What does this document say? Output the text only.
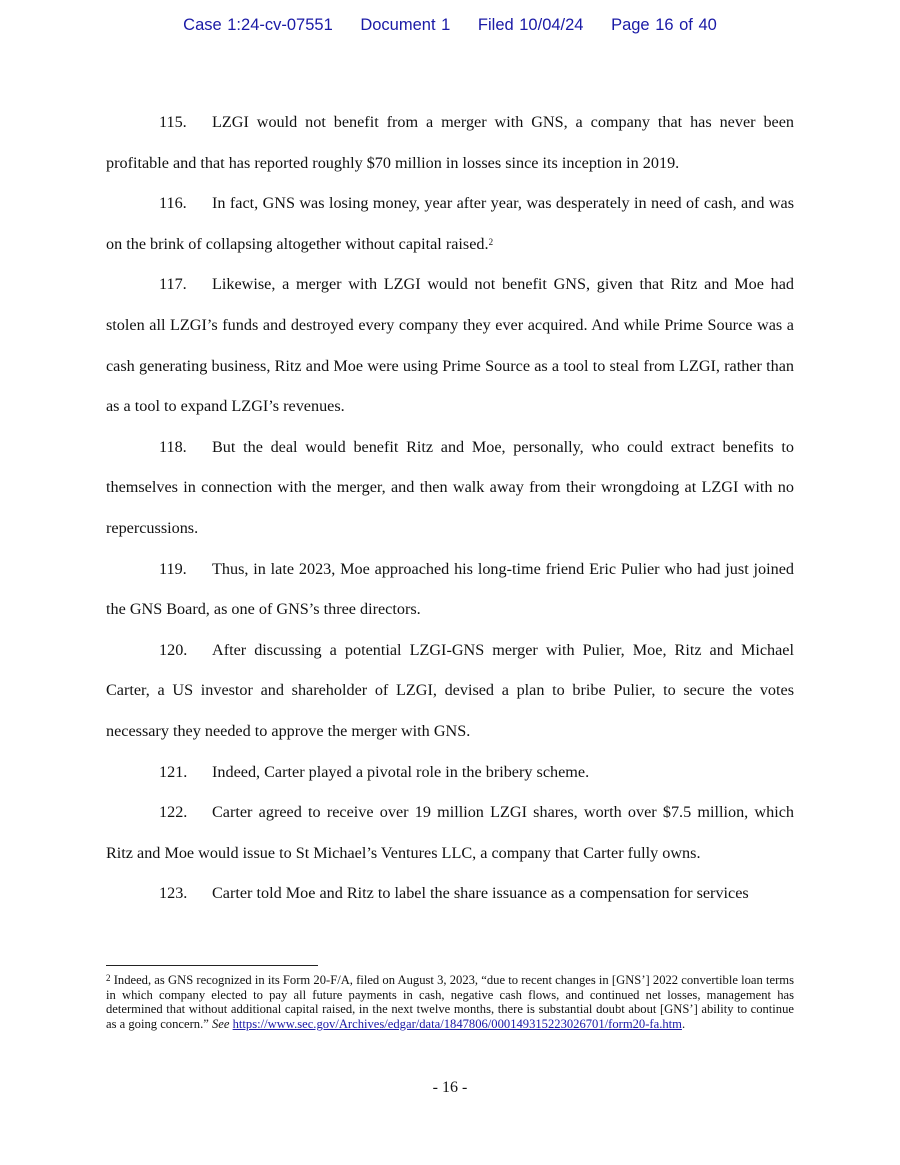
Case 1:24-cv-07551 Document 1 Filed 10/04/24 Page 16 of 40

115. LZGI would not benefit from a merger with GNS, a company that has never been profitable and that has reported roughly $70 million in losses since its inception in 2019.

116. In fact, GNS was losing money, year after year, was desperately in need of cash, and was on the brink of collapsing altogether without capital raised.$^2$

117. Likewise, a merger with LZGI would not benefit GNS, given that Ritz and Moe had stolen all LZGI’s funds and destroyed every company they ever acquired. And while Prime Source was a cash generating business, Ritz and Moe were using Prime Source as a tool to steal from LZGI, rather than as a tool to expand LZGI’s revenues.

118. But the deal would benefit Ritz and Moe, personally, who could extract benefits to themselves in connection with the merger, and then walk away from their wrongdoing at LZGI with no repercussions.

119. Thus, in late 2023, Moe approached his long-time friend Eric Pulier who had just joined the GNS Board, as one of GNS’s three directors.

120. After discussing a potential LZGI-GNS merger with Pulier, Moe, Ritz and Michael Carter, a US investor and shareholder of LZGI, devised a plan to bribe Pulier, to secure the votes necessary they needed to approve the merger with GNS.

121. Indeed, Carter played a pivotal role in the bribery scheme.

122. Carter agreed to receive over 19 million LZGI shares, worth over $7.5 million, which Ritz and Moe would issue to St Michael’s Ventures LLC, a company that Carter fully owns.

123. Carter told Moe and Ritz to label the share issuance as a compensation for services

$^2$ Indeed, as GNS recognized in its Form 20-F/A, filed on August 3, 2023, “due to recent changes in [GNS’] 2022 convertible loan terms in which company elected to pay all future payments in cash, negative cash flows, and continued net losses, management has determined that without additional capital raised, in the next twelve months, there is substantial doubt about [GNS’] ability to continue as a going concern.” See https://www.sec.gov/Archives/edgar/data/1847806/000149315223026701/form20-fa.htm.
- 16 -
